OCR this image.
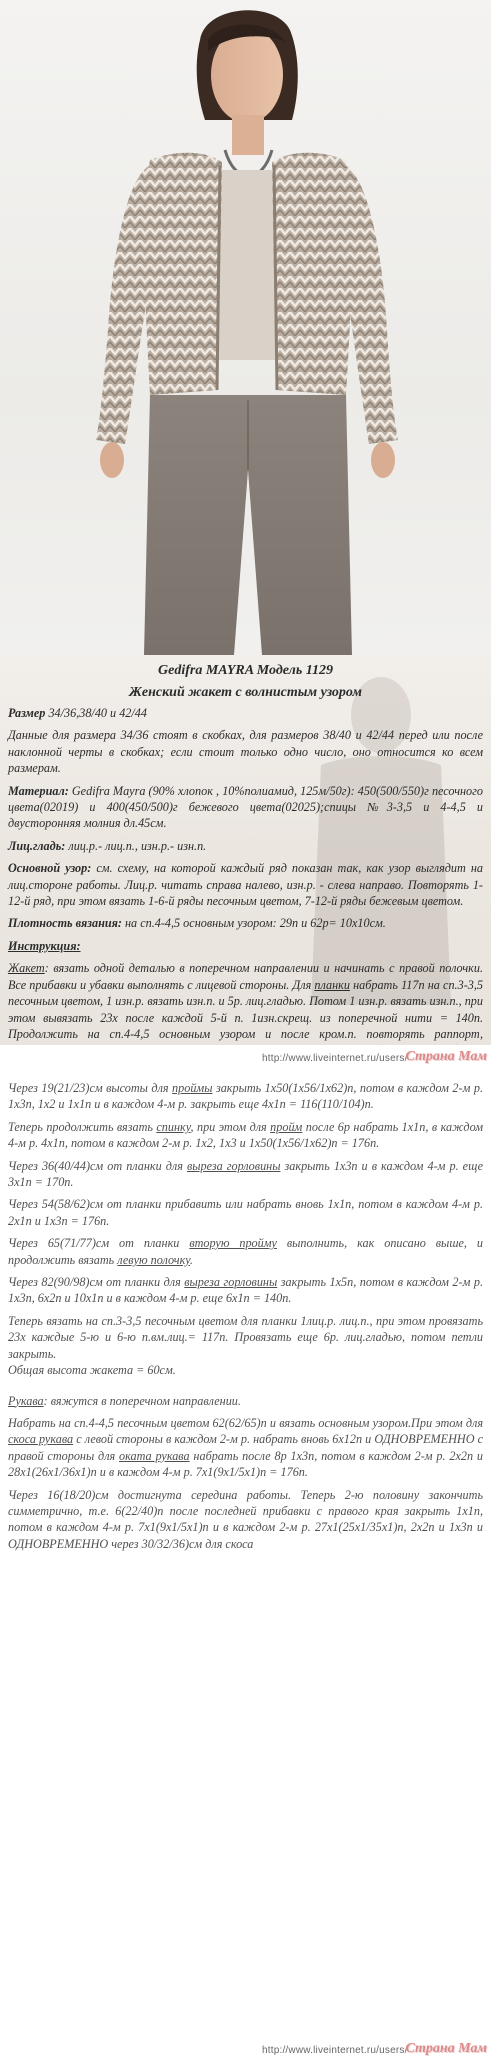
Gedifra MAYRA Модель 1129
Женский жакет с волнистым узором

Размер 34/36,38/40 и 42/44

Данные для размера 34/36 стоят в скобках, для размеров 38/40 и 42/44 перед или после наклонной черты в скобках; если стоит только одно число, оно относится ко всем размерам.

Материал: Gedifra Mayra (90% хлопок , 10%полиамид, 125м/50г): 450(500/550)г песочного цвета(02019) и 400(450/500)г бежевого цвета(02025);спицы №3-3,5 и 4-4,5 и двусторонняя молния дл.45см.

Лиц.гладь: лиц.р.- лиц.п., изн.р.- изн.п.

Основной узор: см. схему, на которой каждый ряд показан так, как узор выглядит на лиц.стороне работы. Лиц.р. читать справа налево, изн.р. - слева направо. Повторять 1-12-й ряд, при этом вязать 1-6-й ряды песочным цветом, 7-12-й ряды бежевым цветом.

Плотность вязания: на сп.4-4,5 основным узором: 29п и 62р= 10х10см.

Инструкция:

Жакет: вязать одной деталью в поперечном направлении и начинать с правой полочки. Все прибавки и убавки выполнять с лицевой стороны. Для планки набрать 117п на сп.3-3,5 песочным цветом, 1 изн.р. вязать изн.п. и 5р. лиц.гладью. Потом 1 изн.р. вязать изн.п., при этом вывязать 23х после каждой 5-й п. 1изн.скрещ. из поперечной нити = 140п. Продолжить на сп.4-4,5 основным узором и после кром.п. повторять раппорт,

http://www.liveinternet.ru/users/
Страна Мам

Через 19(21/23)см высоты для проймы закрыть 1х50(1х56/1х62)п, потом в каждом 2-м р. 1х3п, 1х2 и 1х1п и в каждом 4-м р. закрыть еще 4х1п = 116(110/104)п.

Теперь продолжить вязать спинку, при этом для пройм после 6р набрать 1х1п, в каждом 4-м р. 4х1п, потом в каждом 2-м р. 1х2, 1х3 и 1х50(1х56/1х62)п = 176п.

Через 36(40/44)см от планки для выреза горловины закрыть 1х3п и в каждом 4-м р. еще 3х1п = 170п.

Через 54(58/62)см от планки прибавить или набрать вновь 1х1п, потом в каждом 4-м р. 2х1п и 1х3п = 176п.

Через 65(71/77)см от планки вторую пройму выполнить, как описано выше, и продолжить вязать левую полочку.

Через 82(90/98)см от планки для выреза горловины закрыть 1х5п, потом в каждом 2-м р. 1х3п, 6х2п и 10х1п и в каждом 4-м р. еще 6х1п = 140п.

Теперь вязать на сп.3-3,5 песочным цветом для планки 1лиц.р. лиц.п., при этом провязать 23х каждые 5-ю и 6-ю п.вм.лиц.= 117п. Провязать еще 6р. лиц.гладью, потом петли закрыть.

Общая высота жакета = 60см.

Рукава: вяжутся в поперечном направлении.

Набрать на сп.4-4,5 песочным цветом 62(62/65)п и вязать основным узором.При этом для скоса рукава с левой стороны в каждом 2-м р. набрать вновь 6х12п и ОДНОВРЕМЕННО с правой стороны для оката рукава набрать после 8р 1х3п, потом в каждом 2-м р. 2х2п и 28х1(26х1/36х1)п и в каждом 4-м р. 7х1(9х1/5х1)п = 176п.

Через 16(18/20)см достигнута середина работы. Теперь 2-ю половину закончить симметрично, т.е. 6(22/40)п после последней прибавки с правого края закрыть 1х1п, потом в каждом 4-м р. 7х1(9х1/5х1)п и в каждом 2-м р. 27х1(25х1/35х1)п, 2х2п и 1х3п и ОДНОВРЕМЕННО через 30/32/36)см для скоса

http://www.liveinternet.ru/users/
Страна Мам
